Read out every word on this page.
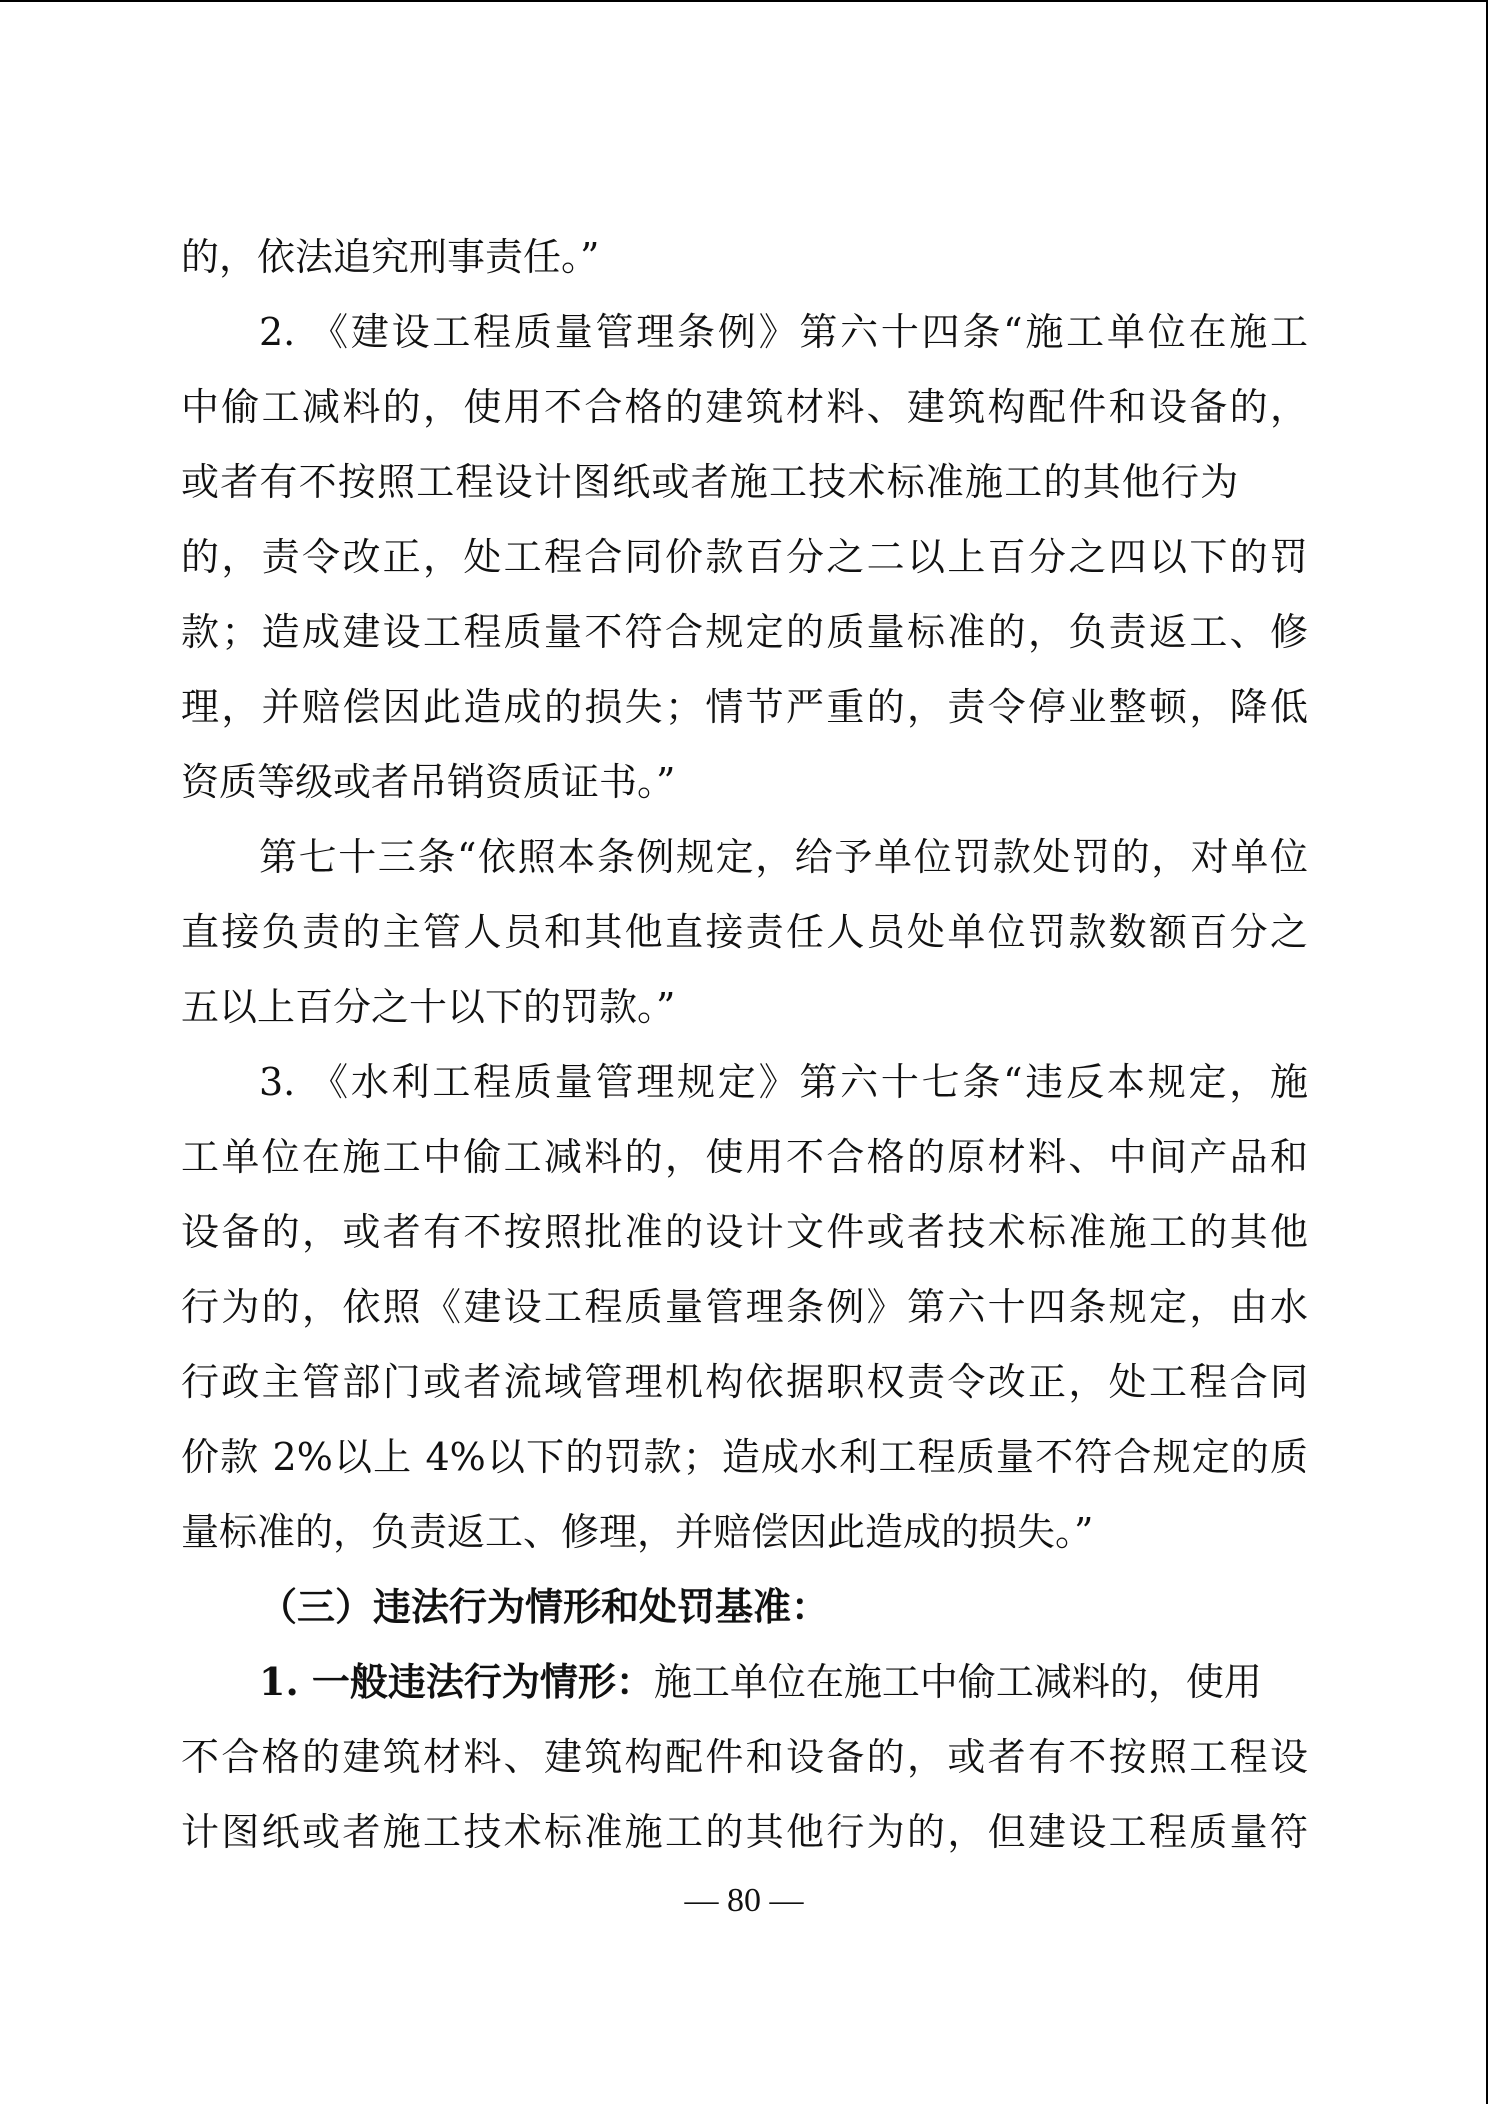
的，依法追究刑事责任。”
2. 《建设工程质量管理条例》第六十四条“施工单位在施工
中偷工减料的，使用不合格的建筑材料、建筑构配件和设备的，
或者有不按照工程设计图纸或者施工技术标准施工的其他行为
的，责令改正，处工程合同价款百分之二以上百分之四以下的罚
款；造成建设工程质量不符合规定的质量标准的，负责返工、修
理，并赔偿因此造成的损失；情节严重的，责令停业整顿，降低
资质等级或者吊销资质证书。”
第七十三条“依照本条例规定，给予单位罚款处罚的，对单位
直接负责的主管人员和其他直接责任人员处单位罚款数额百分之
五以上百分之十以下的罚款。”
3. 《水利工程质量管理规定》第六十七条“违反本规定，施
工单位在施工中偷工减料的，使用不合格的原材料、中间产品和
设备的，或者有不按照批准的设计文件或者技术标准施工的其他
行为的，依照《建设工程质量管理条例》第六十四条规定，由水
行政主管部门或者流域管理机构依据职权责令改正，处工程合同
价款 2%以上 4%以下的罚款；造成水利工程质量不符合规定的质
量标准的，负责返工、修理，并赔偿因此造成的损失。”
（三）违法行为情形和处罚基准：
1. 一般违法行为情形：施工单位在施工中偷工减料的，使用
不合格的建筑材料、建筑构配件和设备的，或者有不按照工程设
计图纸或者施工技术标准施工的其他行为的，但建设工程质量符
— 80 —
